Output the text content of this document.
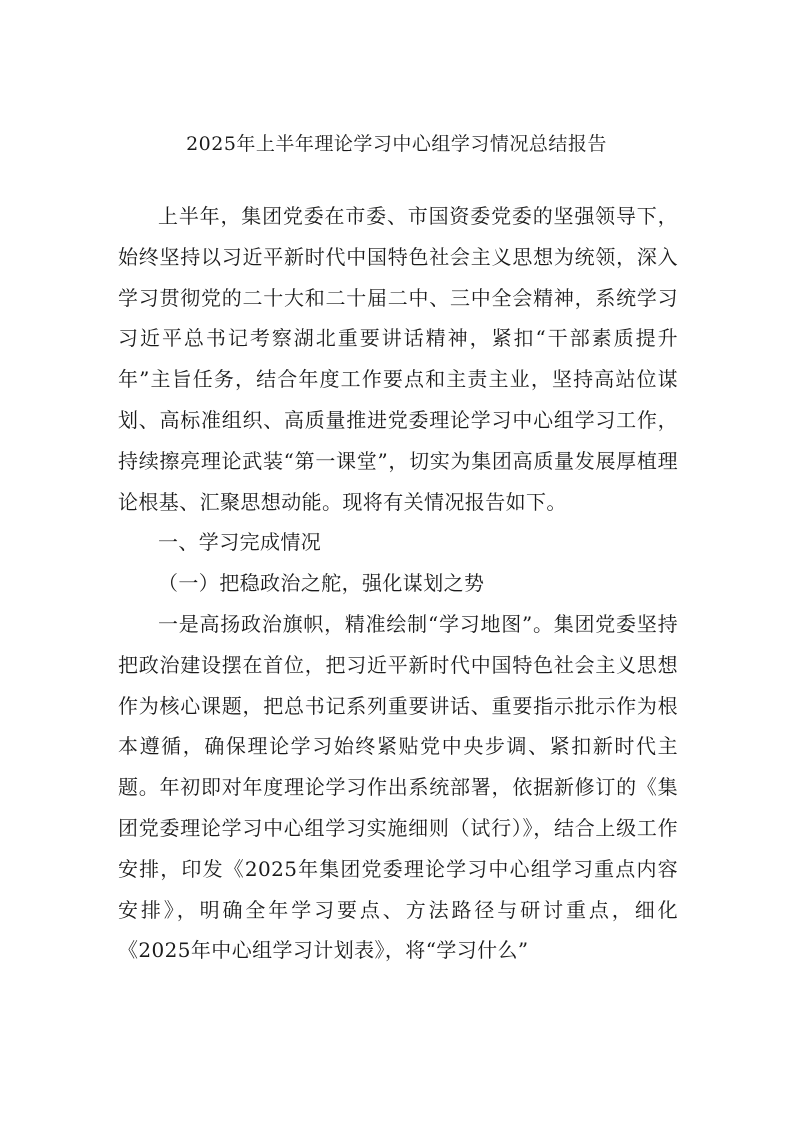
2025年上半年理论学习中心组学习情况总结报告

上半年，集团党委在市委、市国资委党委的坚强领导下，始终坚持以习近平新时代中国特色社会主义思想为统领，深入学习贯彻党的二十大和二十届二中、三中全会精神，系统学习习近平总书记考察湖北重要讲话精神，紧扣“干部素质提升年”主旨任务，结合年度工作要点和主责主业，坚持高站位谋划、高标准组织、高质量推进党委理论学习中心组学习工作，持续擦亮理论武装“第一课堂”，切实为集团高质量发展厚植理论根基、汇聚思想动能。现将有关情况报告如下。

一、学习完成情况

（一）把稳政治之舵，强化谋划之势

一是高扬政治旗帜，精准绘制“学习地图”。集团党委坚持把政治建设摆在首位，把习近平新时代中国特色社会主义思想作为核心课题，把总书记系列重要讲话、重要指示批示作为根本遵循，确保理论学习始终紧贴党中央步调、紧扣新时代主题。年初即对年度理论学习作出系统部署，依据新修订的《集团党委理论学习中心组学习实施细则（试行）》，结合上级工作安排，印发《2025年集团党委理论学习中心组学习重点内容安排》，明确全年学习要点、方法路径与研讨重点，细化《2025年中心组学习计划表》，将“学习什么”
